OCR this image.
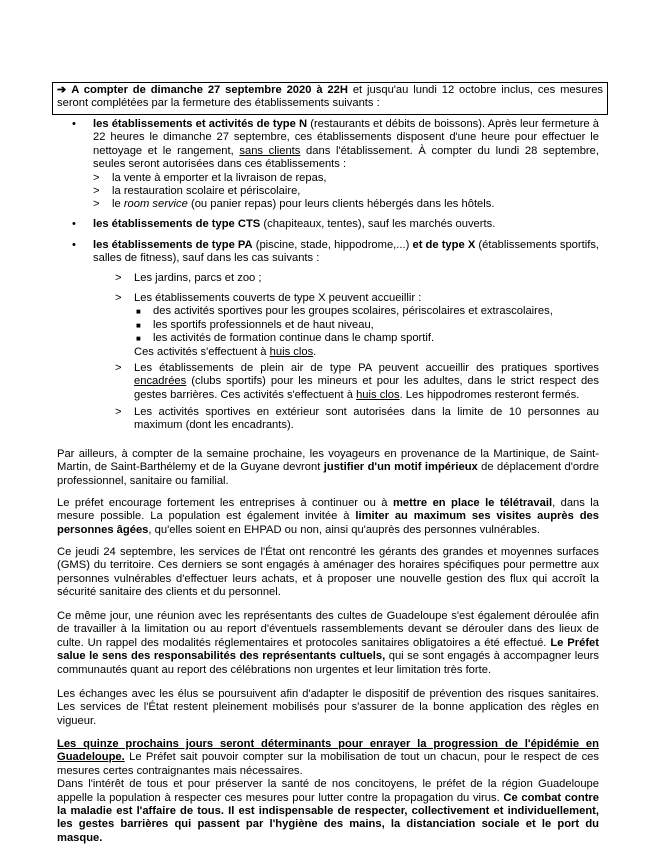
➔ A compter de dimanche 27 septembre 2020 à 22H et jusqu'au lundi 12 octobre inclus, ces mesures seront complétées par la fermeture des établissements suivants :

• les établissements et activités de type N (restaurants et débits de boissons). Après leur fermeture à 22 heures le dimanche 27 septembre, ces établissements disposent d'une heure pour effectuer le nettoyage et le rangement, sans clients dans l'établissement. À compter du lundi 28 septembre, seules seront autorisées dans ces établissements :

> la vente à emporter et la livraison de repas,
> la restauration scolaire et périscolaire,
> le room service (ou panier repas) pour leurs clients hébergés dans les hôtels.
• les établissements de type CTS (chapiteaux, tentes), sauf les marchés ouverts.

• les établissements de type PA (piscine, stade, hippodrome,...) et de type X (établissements sportifs, salles de fitness), sauf dans les cas suivants :

> Les jardins, parcs et zoo ;

> Les établissements couverts de type X peuvent accueillir :

■ des activités sportives pour les groupes scolaires, périscolaires et extrascolaires,
■ les sportifs professionnels et de haut niveau,
■ les activités de formation continue dans le champ sportif.

Ces activités s'effectuent à huis clos.

> Les établissements de plein air de type PA peuvent accueillir des pratiques sportives encadrées (clubs sportifs) pour les mineurs et pour les adultes, dans le strict respect des gestes barrières. Ces activités s'effectuent à huis clos. Les hippodromes resteront fermés.

> Les activités sportives en extérieur sont autorisées dans la limite de 10 personnes au maximum (dont les encadrants).

Par ailleurs, à compter de la semaine prochaine, les voyageurs en provenance de la Martinique, de Saint-Martin, de Saint-Barthélemy et de la Guyane devront justifier d'un motif impérieux de déplacement d'ordre professionnel, sanitaire ou familial.

Le préfet encourage fortement les entreprises à continuer ou à mettre en place le télétravail, dans la mesure possible. La population est également invitée à limiter au maximum ses visites auprès des personnes âgées, qu'elles soient en EHPAD ou non, ainsi qu'auprès des personnes vulnérables.

Ce jeudi 24 septembre, les services de l'État ont rencontré les gérants des grandes et moyennes surfaces (GMS) du territoire. Ces derniers se sont engagés à aménager des horaires spécifiques pour permettre aux personnes vulnérables d'effectuer leurs achats, et à proposer une nouvelle gestion des flux qui accroît la sécurité sanitaire des clients et du personnel.

Ce même jour, une réunion avec les représentants des cultes de Guadeloupe s'est également déroulée afin de travailler à la limitation ou au report d'éventuels rassemblements devant se dérouler dans des lieux de culte. Un rappel des modalités réglementaires et protocoles sanitaires obligatoires a été effectué. Le Préfet salue le sens des responsabilités des représentants cultuels, qui se sont engagés à accompagner leurs communautés quant au report des célébrations non urgentes et leur limitation très forte.

Les échanges avec les élus se poursuivent afin d'adapter le dispositif de prévention des risques sanitaires. Les services de l'État restent pleinement mobilisés pour s'assurer de la bonne application des règles en vigueur.

Les quinze prochains jours seront déterminants pour enrayer la progression de l'épidémie en Guadeloupe. Le Préfet sait pouvoir compter sur la mobilisation de tout un chacun, pour le respect de ces mesures certes contraignantes mais nécessaires.

Dans l'intérêt de tous et pour préserver la santé de nos concitoyens, le préfet de la région Guadeloupe appelle la population à respecter ces mesures pour lutter contre la propagation du virus. Ce combat contre la maladie est l'affaire de tous. Il est indispensable de respecter, collectivement et individuellement, les gestes barrières qui passent par l'hygiène des mains, la distanciation sociale et le port du masque.
